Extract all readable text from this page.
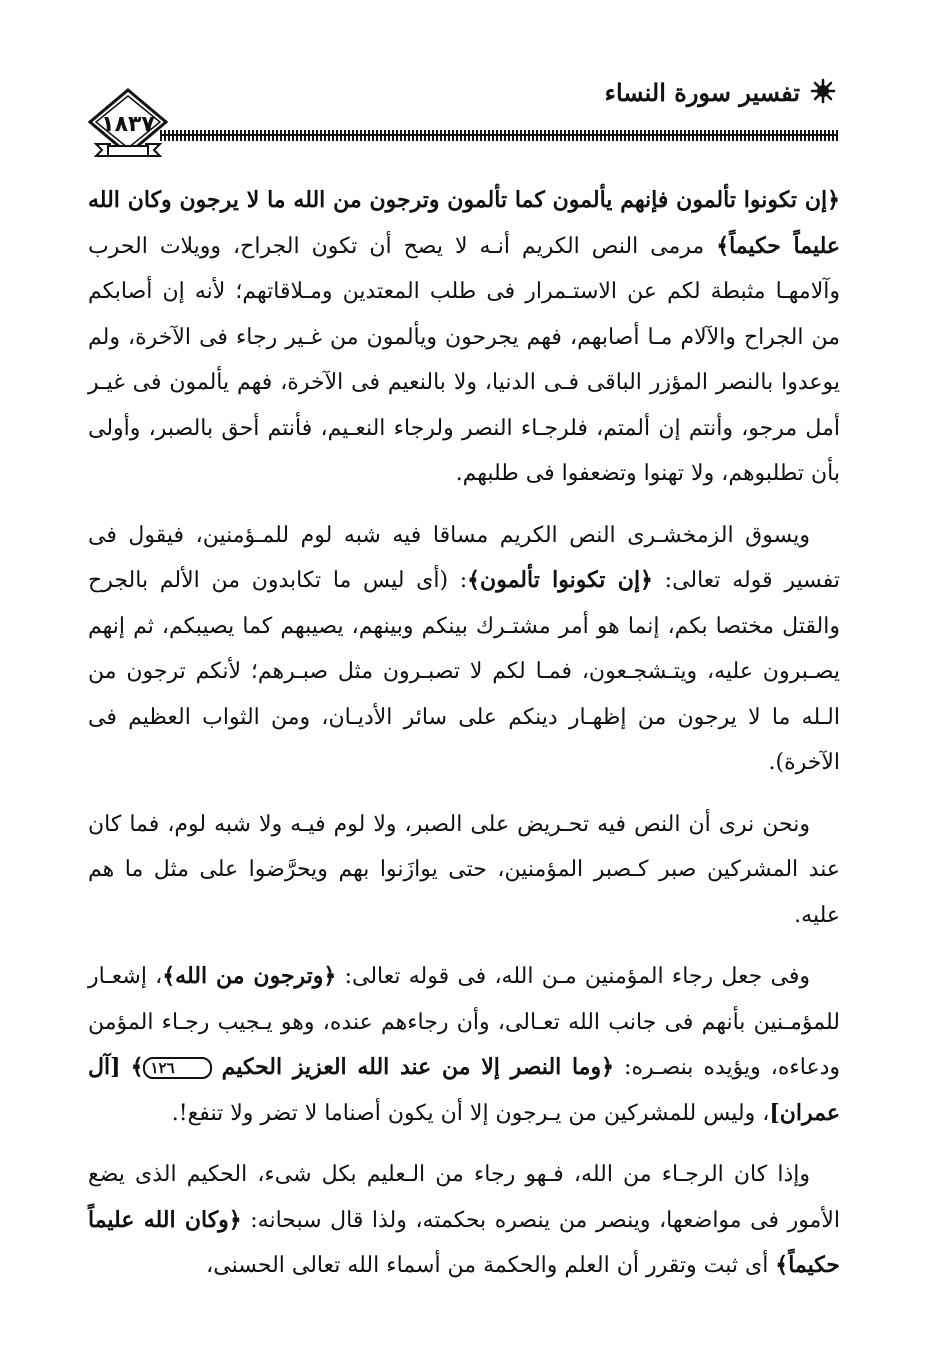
تفسير سورة النساء
١٨٣٧

﴿إن تكونوا تألمون فإنهم يألمون كما تألمون وترجون من الله ما لا يرجون وكان الله عليماً حكيماً﴾ مرمى النص الكريم أنـه لا يصح أن تكون الجراح، وويلات الحرب وآلامهـا مثبطة لكم عن الاستـمرار فى طلب المعتدين ومـلاقاتهم؛ لأنه إن أصابكم من الجراح والآلام مـا أصابهم، فهم يجرحون ويألمون من غـير رجاء فى الآخرة، ولم يوعدوا بالنصر المؤزر الباقى فـى الدنيا، ولا بالنعيم فى الآخرة، فهم يألمون فى غيـر أمل مرجو، وأنتم إن ألمتم، فلرجـاء النصر ولرجاء النعـيم، فأنتم أحق بالصبر، وأولى بأن تطلبوهم، ولا تهنوا وتضعفوا فى طلبهم.

ويسوق الزمخشـرى النص الكريم مساقا فيه شبه لوم للمـؤمنين، فيقول فى تفسير قوله تعالى: ﴿إن تكونوا تألمون﴾: (أى ليس ما تكابدون من الألم بالجرح والقتل مختصا بكم، إنما هو أمر مشتـرك بينكم وبينهم، يصيبهم كما يصيبكم، ثم إنهم يصـبرون عليه، ويتـشجـعون، فمـا لكم لا تصبـرون مثل صبـرهم؛ لأنكم ترجون من الـله ما لا يرجون من إظهـار دينكم على سائر الأديـان، ومن الثواب العظيم فى الآخرة).

ونحن نرى أن النص فيه تحـريض على الصبر، ولا لوم فيـه ولا شبه لوم، فما كان عند المشركين صبر كـصبر المؤمنين، حتى يوازَنوا بهم ويحرَّضوا على مثل ما هم عليه.

وفى جعل رجاء المؤمنين مـن الله، فى قوله تعالى: ﴿وترجون من الله﴾، إشعـار للمؤمـنين بأنهم فى جانب الله تعـالى، وأن رجاءهم عنده، وهو يـجيب رجـاء المؤمن ودعاءه، ويؤيده بنصـره: ﴿وما النصر إلا من عند الله العزيز الحكيم ١٢٦﴾ [آل عمران]، وليس للمشركين من يـرجون إلا أن يكون أصناما لا تضر ولا تنفع!.

وإذا كان الرجـاء من الله، فـهو رجاء من الـعليم بكل شىء، الحكيم الذى يضع الأمور فى مواضعها، وينصر من ينصره بحكمته، ولذا قال سبحانه: ﴿وكان الله عليماً حكيماً﴾ أى ثبت وتقرر أن العلم والحكمة من أسماء الله تعالى الحسنى،
